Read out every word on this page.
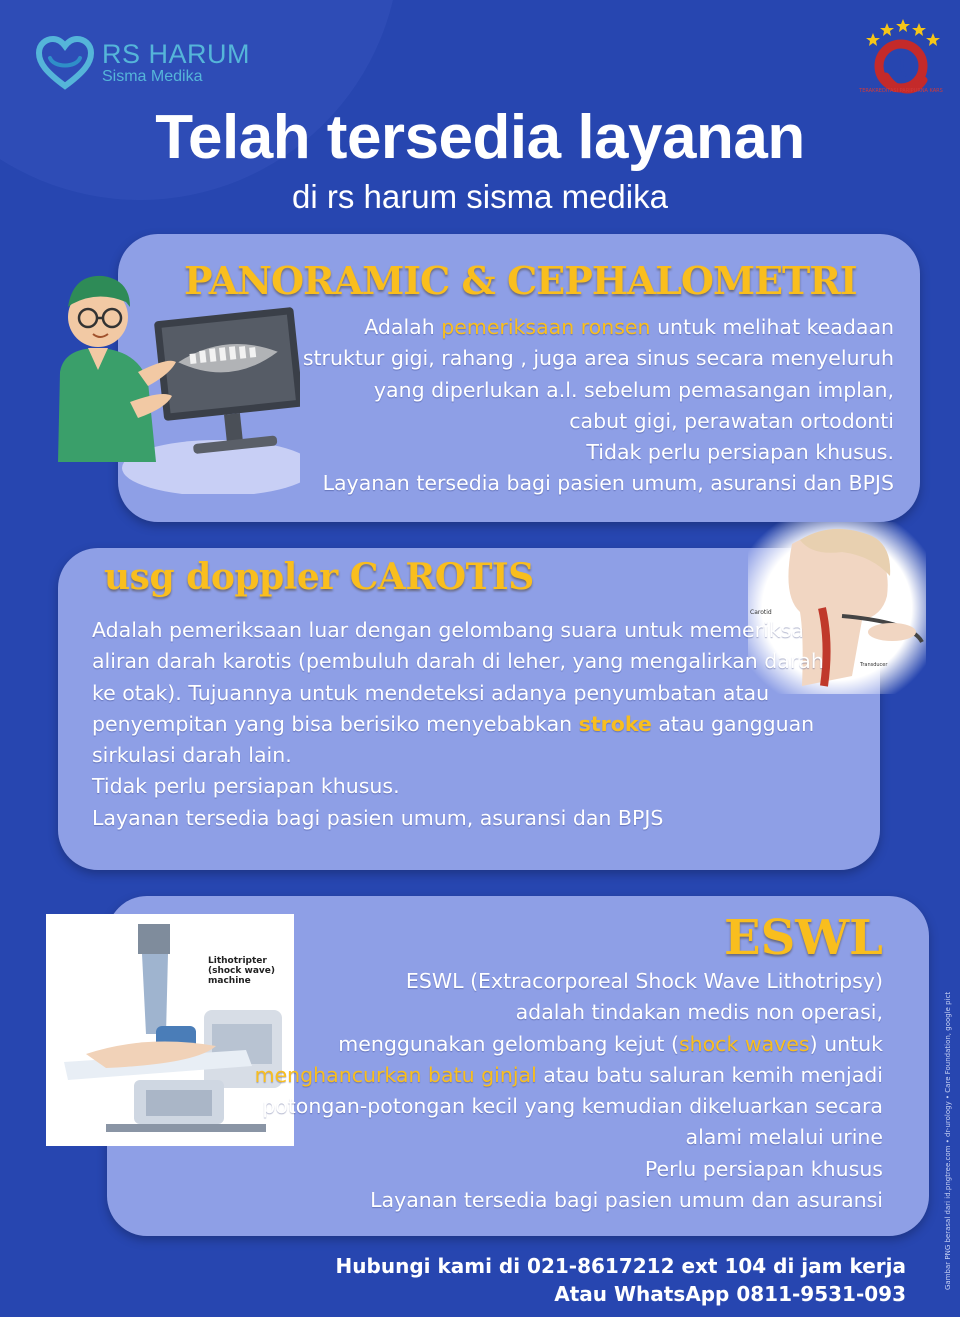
RS HARUM
Sisma Medika
TERAKREDITASI PARIPURNA KARS
Telah tersedia layanan
di rs harum sisma medika
PANORAMIC & CEPHALOMETRI
Adalah pemeriksaan ronsen untuk melihat keadaan
struktur gigi, rahang , juga area sinus secara menyeluruh
yang diperlukan a.l. sebelum pemasangan implan,
cabut gigi, perawatan ortodonti
Tidak perlu persiapan khusus.
Layanan tersedia bagi pasien umum, asuransi dan BPJS
Carotid
Transducer
usg doppler CAROTIS
Adalah pemeriksaan luar dengan gelombang suara untuk memeriksa
aliran darah karotis (pembuluh darah di leher, yang mengalirkan darah
ke otak). Tujuannya untuk mendeteksi adanya penyumbatan atau
penyempitan yang bisa berisiko menyebabkan stroke atau gangguan
sirkulasi darah lain.
Tidak perlu persiapan khusus.
Layanan tersedia bagi pasien umum, asuransi dan BPJS
Lithotripter (shock wave) machine
ESWL
ESWL (Extracorporeal Shock Wave Lithotripsy)
adalah tindakan medis non operasi,
menggunakan gelombang kejut (shock waves) untuk
menghancurkan batu ginjal atau batu saluran kemih menjadi
potongan-potongan kecil yang kemudian dikeluarkan secara
alami melalui urine
Perlu persiapan khusus
Layanan tersedia bagi pasien umum dan asuransi
Hubungi kami di 021-8617212 ext 104 di jam kerja
Atau WhatsApp 0811-9531-093
Gambar PNG berasal dari id.pngtree.com • dr-urology • Care Foundation, google pict
